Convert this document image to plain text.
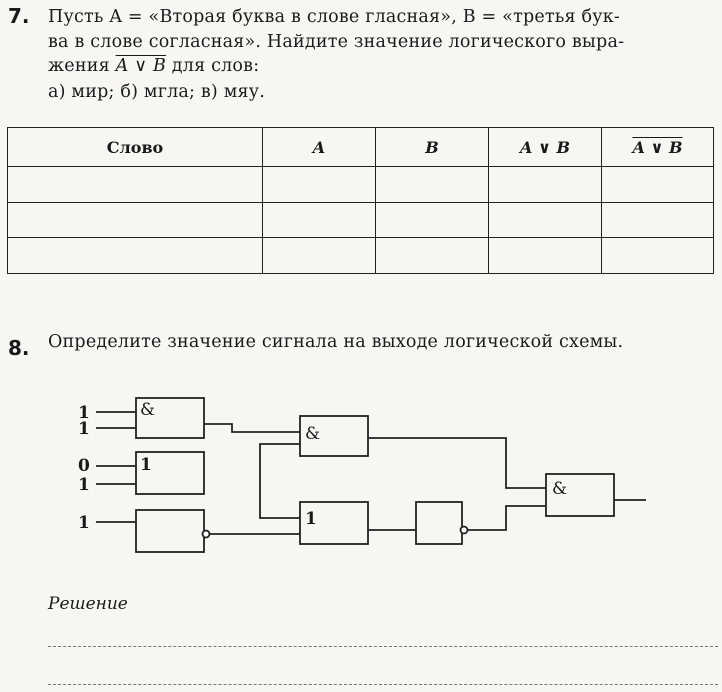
7. Пусть A = «Вторая буква в слове гласная», B = «третья бук-
ва в слове согласная». Найдите значение логического выра-
жения A ∨ B для слов:
а) мир; б) мгла; в) мяу.
Слово	A	B	A ∨ B	A ∨ B

8. Определите значение сигнала на выходе логической схемы.
1
1
0
1
1
&
1
&
1
&
Решение
